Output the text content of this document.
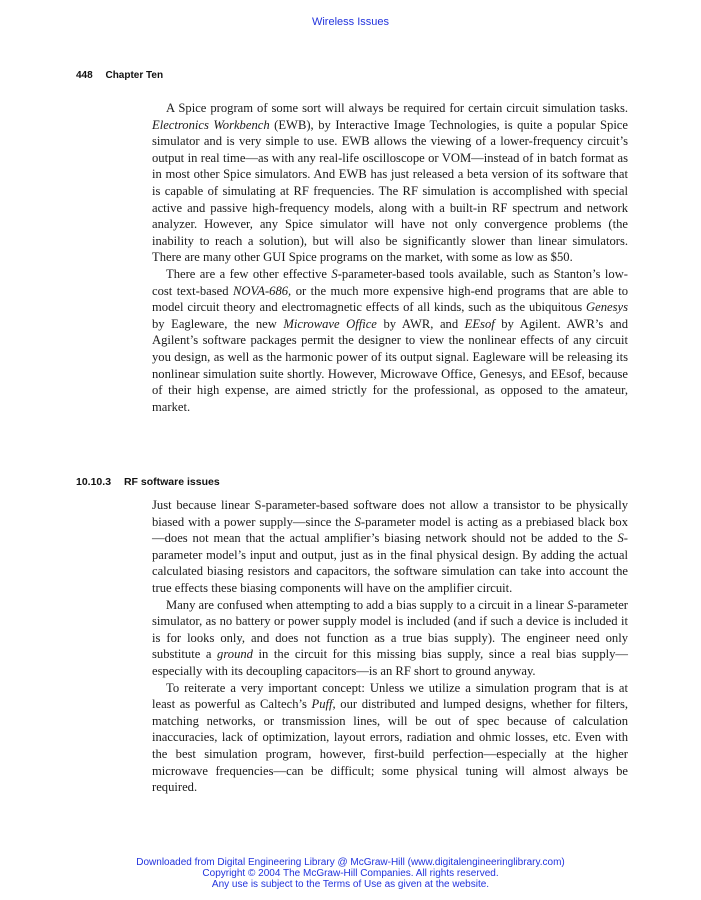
Wireless Issues
448 Chapter Ten

A Spice program of some sort will always be required for certain circuit simulation tasks. Electronics Workbench (EWB), by Interactive Image Technologies, is quite a popular Spice simulator and is very simple to use. EWB allows the viewing of a lower-frequency circuit’s output in real time—as with any real-life oscilloscope or VOM—instead of in batch format as in most other Spice simulators. And EWB has just released a beta version of its software that is capable of simulating at RF frequencies. The RF simulation is accomplished with special active and passive high-frequency models, along with a built-in RF spectrum and network analyzer. However, any Spice simulator will have not only convergence problems (the inability to reach a solution), but will also be significantly slower than linear simulators. There are many other GUI Spice programs on the market, with some as low as $50.

There are a few other effective S-parameter-based tools available, such as Stanton’s low-cost text-based NOVA-686, or the much more expensive high-end programs that are able to model circuit theory and electromagnetic effects of all kinds, such as the ubiquitous Genesys by Eagleware, the new Microwave Office by AWR, and EEsof by Agilent. AWR’s and Agilent’s software packages permit the designer to view the nonlinear effects of any circuit you design, as well as the harmonic power of its output signal. Eagleware will be releasing its nonlinear simulation suite shortly. However, Microwave Office, Genesys, and EEsof, because of their high expense, are aimed strictly for the professional, as opposed to the amateur, market.

10.10.3 RF software issues

Just because linear S-parameter-based software does not allow a transistor to be physically biased with a power supply—since the S-parameter model is acting as a prebiased black box—does not mean that the actual amplifier’s biasing network should not be added to the S-parameter model’s input and output, just as in the final physical design. By adding the actual calculated biasing resistors and capacitors, the software simulation can take into account the true effects these biasing components will have on the amplifier circuit.

Many are confused when attempting to add a bias supply to a circuit in a linear S-parameter simulator, as no battery or power supply model is included (and if such a device is included it is for looks only, and does not function as a true bias supply). The engineer need only substitute a ground in the circuit for this missing bias supply, since a real bias supply—especially with its decoupling capacitors—is an RF short to ground anyway.

To reiterate a very important concept: Unless we utilize a simulation program that is at least as powerful as Caltech’s Puff, our distributed and lumped designs, whether for filters, matching networks, or transmission lines, will be out of spec because of calculation inaccuracies, lack of optimization, layout errors, radiation and ohmic losses, etc. Even with the best simulation program, however, first-build perfection—especially at the higher microwave frequencies—can be difficult; some physical tuning will almost always be required.

Downloaded from Digital Engineering Library @ McGraw-Hill (www.digitalengineeringlibrary.com)
Copyright © 2004 The McGraw-Hill Companies. All rights reserved.
Any use is subject to the Terms of Use as given at the website.
